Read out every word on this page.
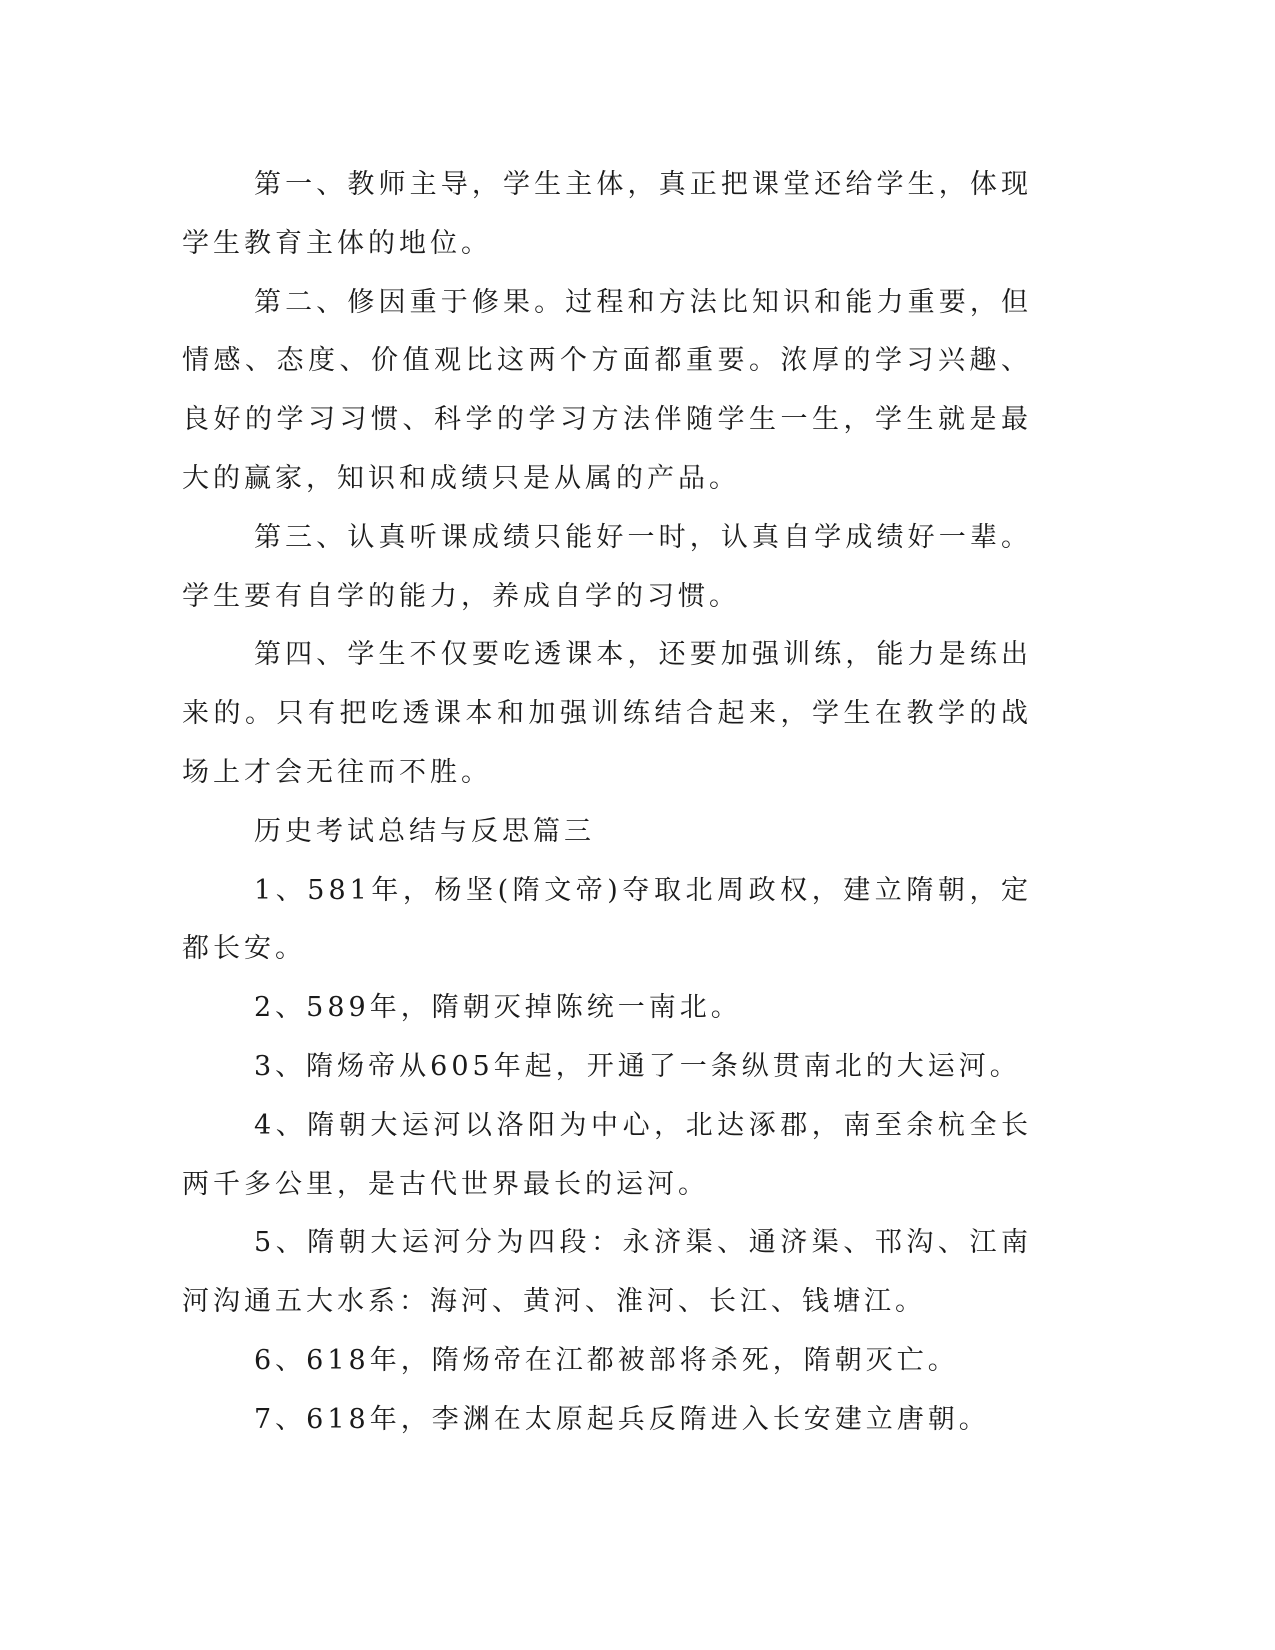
第一、教师主导，学生主体，真正把课堂还给学生，体现学生教育主体的地位。

第二、修因重于修果。过程和方法比知识和能力重要，但情感、态度、价值观比这两个方面都重要。浓厚的学习兴趣、良好的学习习惯、科学的学习方法伴随学生一生，学生就是最大的赢家，知识和成绩只是从属的产品。

第三、认真听课成绩只能好一时，认真自学成绩好一辈。学生要有自学的能力，养成自学的习惯。

第四、学生不仅要吃透课本，还要加强训练，能力是练出来的。只有把吃透课本和加强训练结合起来，学生在教学的战场上才会无往而不胜。

历史考试总结与反思篇三

1、581年，杨坚(隋文帝)夺取北周政权，建立隋朝，定都长安。

2、589年，隋朝灭掉陈统一南北。

3、隋炀帝从605年起，开通了一条纵贯南北的大运河。

4、隋朝大运河以洛阳为中心，北达涿郡，南至余杭全长两千多公里，是古代世界最长的运河。

5、隋朝大运河分为四段：永济渠、通济渠、邗沟、江南河沟通五大水系：海河、黄河、淮河、长江、钱塘江。

6、618年，隋炀帝在江都被部将杀死，隋朝灭亡。

7、618年，李渊在太原起兵反隋进入长安建立唐朝。
